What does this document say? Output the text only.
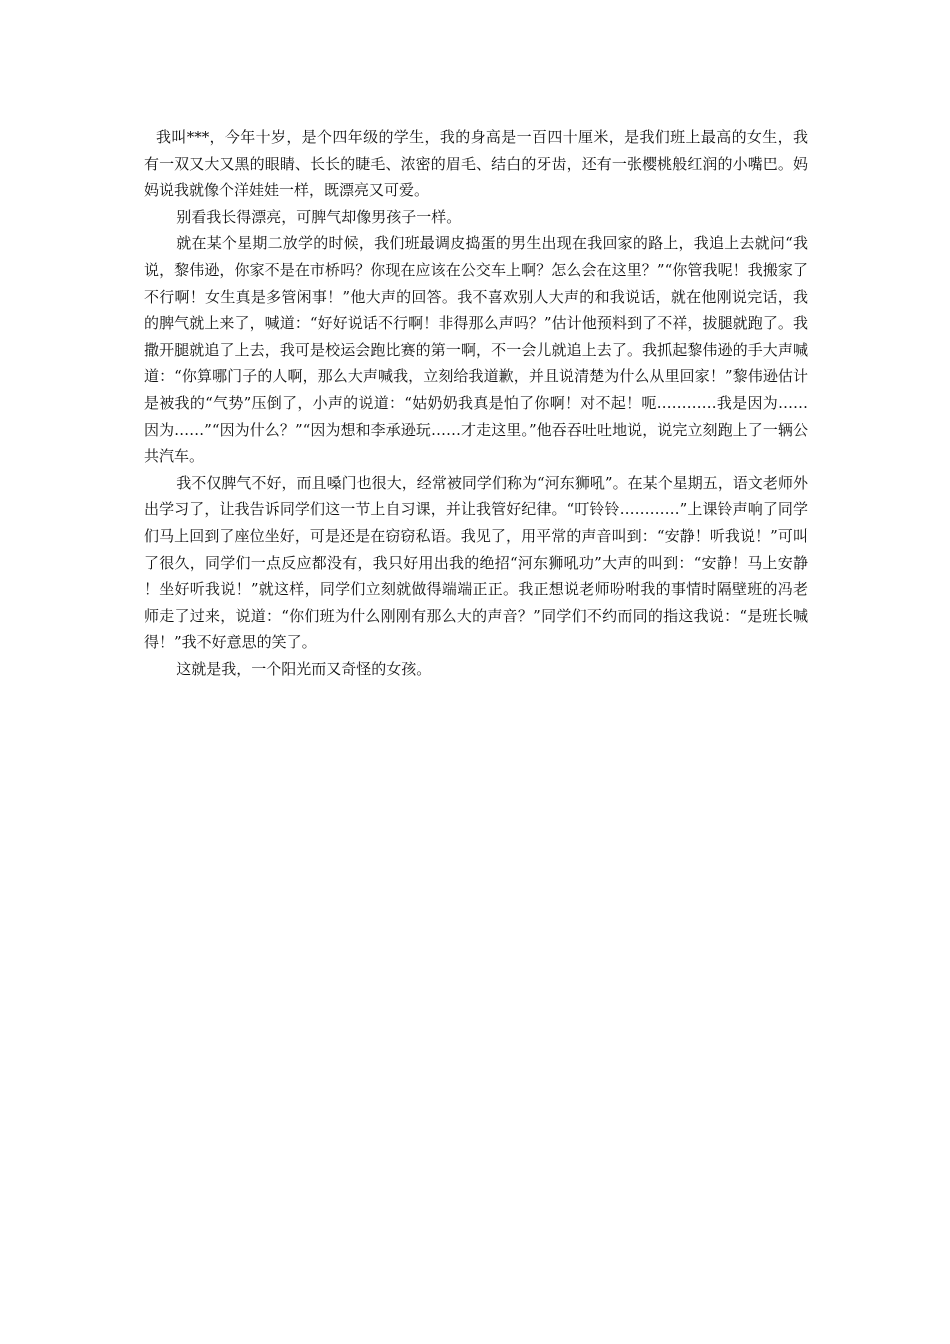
我叫***，今年十岁，是个四年级的学生，我的身高是一百四十厘米，是我们班上最高的女生，我有一双又大又黑的眼睛、长长的睫毛、浓密的眉毛、结白的牙齿，还有一张樱桃般红润的小嘴巴。妈妈说我就像个洋娃娃一样，既漂亮又可爱。

别看我长得漂亮，可脾气却像男孩子一样。

就在某个星期二放学的时候，我们班最调皮捣蛋的男生出现在我回家的路上，我追上去就问“我说，黎伟逊，你家不是在市桥吗？你现在应该在公交车上啊？怎么会在这里？”“你管我呢！我搬家了不行啊！女生真是多管闲事！”他大声的回答。我不喜欢别人大声的和我说话，就在他刚说完话，我的脾气就上来了，喊道：“好好说话不行啊！非得那么声吗？”估计他预料到了不祥，拔腿就跑了。我撒开腿就追了上去，我可是校运会跑比赛的第一啊，不一会儿就追上去了。我抓起黎伟逊的手大声喊道：“你算哪门子的人啊，那么大声喊我，立刻给我道歉，并且说清楚为什么从里回家！”黎伟逊估计是被我的“气势”压倒了，小声的说道：“姑奶奶我真是怕了你啊！对不起！呃…………我是因为……因为……”“因为什么？”“因为想和李承逊玩……才走这里。”他吞吞吐吐地说，说完立刻跑上了一辆公共汽车。

我不仅脾气不好，而且嗓门也很大，经常被同学们称为“河东狮吼”。在某个星期五，语文老师外出学习了，让我告诉同学们这一节上自习课，并让我管好纪律。“叮铃铃…………”上课铃声响了同学们马上回到了座位坐好，可是还是在窃窃私语。我见了，用平常的声音叫到：“安静！听我说！”可叫了很久，同学们一点反应都没有，我只好用出我的绝招“河东狮吼功”大声的叫到：“安静！马上安静！坐好听我说！”就这样，同学们立刻就做得端端正正。我正想说老师吩咐我的事情时隔壁班的冯老师走了过来，说道：“你们班为什么刚刚有那么大的声音？”同学们不约而同的指这我说：“是班长喊得！”我不好意思的笑了。

这就是我，一个阳光而又奇怪的女孩。
